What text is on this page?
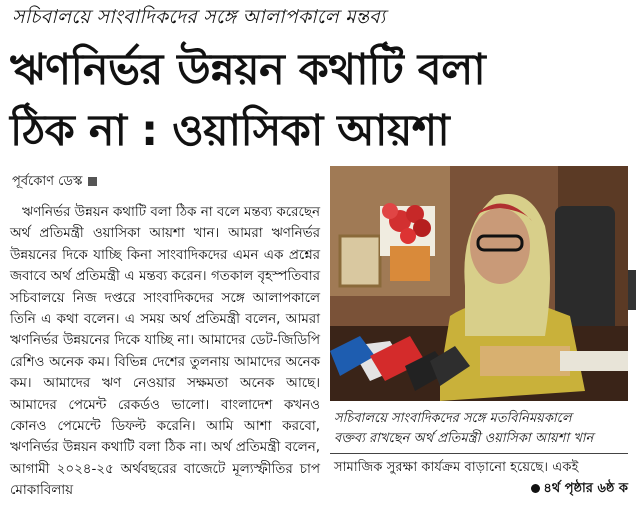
সচিবালয়ে সাংবাদিকদের সঙ্গে আলাপকালে মন্তব্য
ঋণনির্ভর উন্নয়ন কথাটি বলা
ঠিক না : ওয়াসিকা আয়শা
পূর্বকোণ ডেস্ক

ঋণনির্ভর উন্নয়ন কথাটি বলা ঠিক না বলে মন্তব্য করেছেন অর্থ প্রতিমন্ত্রী ওয়াসিকা আয়শা খান। আমরা ঋণনির্ভর উন্নয়নের দিকে যাচ্ছি কিনা সাংবাদিকদের এমন এক প্রশ্নের জবাবে অর্থ প্রতিমন্ত্রী এ মন্তব্য করেন। গতকাল বৃহস্পতিবার সচিবালয়ে নিজ দপ্তরে সাংবাদিকদের সঙ্গে আলাপকালে তিনি এ কথা বলেন। এ সময় অর্থ প্রতিমন্ত্রী বলেন, আমরা ঋণনির্ভর উন্নয়নের দিকে যাচ্ছি না। আমাদের ডেট-জিডিপি রেশিও অনেক কম। বিভিন্ন দেশের তুলনায় আমাদের অনেক কম। আমাদের ঋণ নেওয়ার সক্ষমতা অনেক আছে। আমাদের পেমেন্ট রেকর্ডও ভালো। বাংলাদেশ কখনও কোনও পেমেন্টে ডিফল্ট করেনি। আমি আশা করবো, ঋণনির্ভর উন্নয়ন কথাটি বলা ঠিক না। অর্থ প্রতিমন্ত্রী বলেন, আগামী ২০২৪-২৫ অর্থবছরের বাজেটে মূল্যস্ফীতির চাপ মোকাবিলায়

সচিবালয়ে সাংবাদিকদের সঙ্গে মতবিনিময়কালে
বক্তব্য রাখছেন অর্থ প্রতিমন্ত্রী ওয়াসিকা আয়শা খান
সামাজিক সুরক্ষা কার্যক্রম বাড়ানো হয়েছে। একই
৪র্থ পৃষ্ঠার ৬ষ্ঠ ক
